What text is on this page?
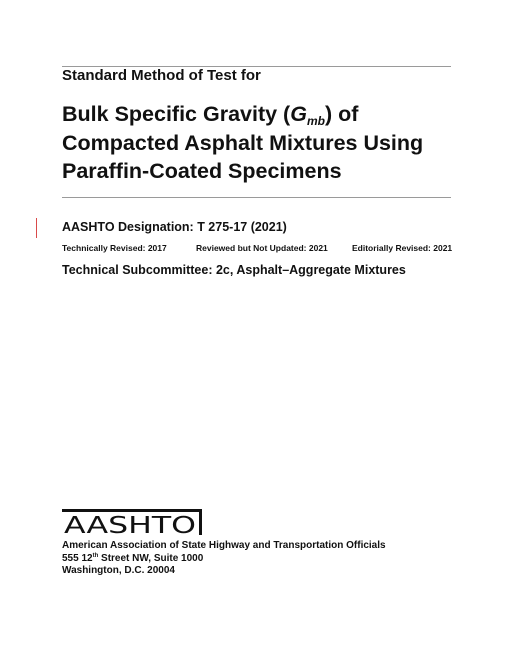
Standard Method of Test for
Bulk Specific Gravity $(G_{mb})$ of
Compacted Asphalt Mixtures Using
Paraffin-Coated Specimens
AASHTO Designation: T 275-17 (2021)
Technically Revised: 2017	Reviewed but Not Updated: 2021	Editorially Revised: 2021
Technical Subcommittee: 2c, Asphalt–Aggregate Mixtures
AASHTO
American Association of State Highway and Transportation Officials
555 12th Street NW, Suite 1000
Washington, D.C. 20004
